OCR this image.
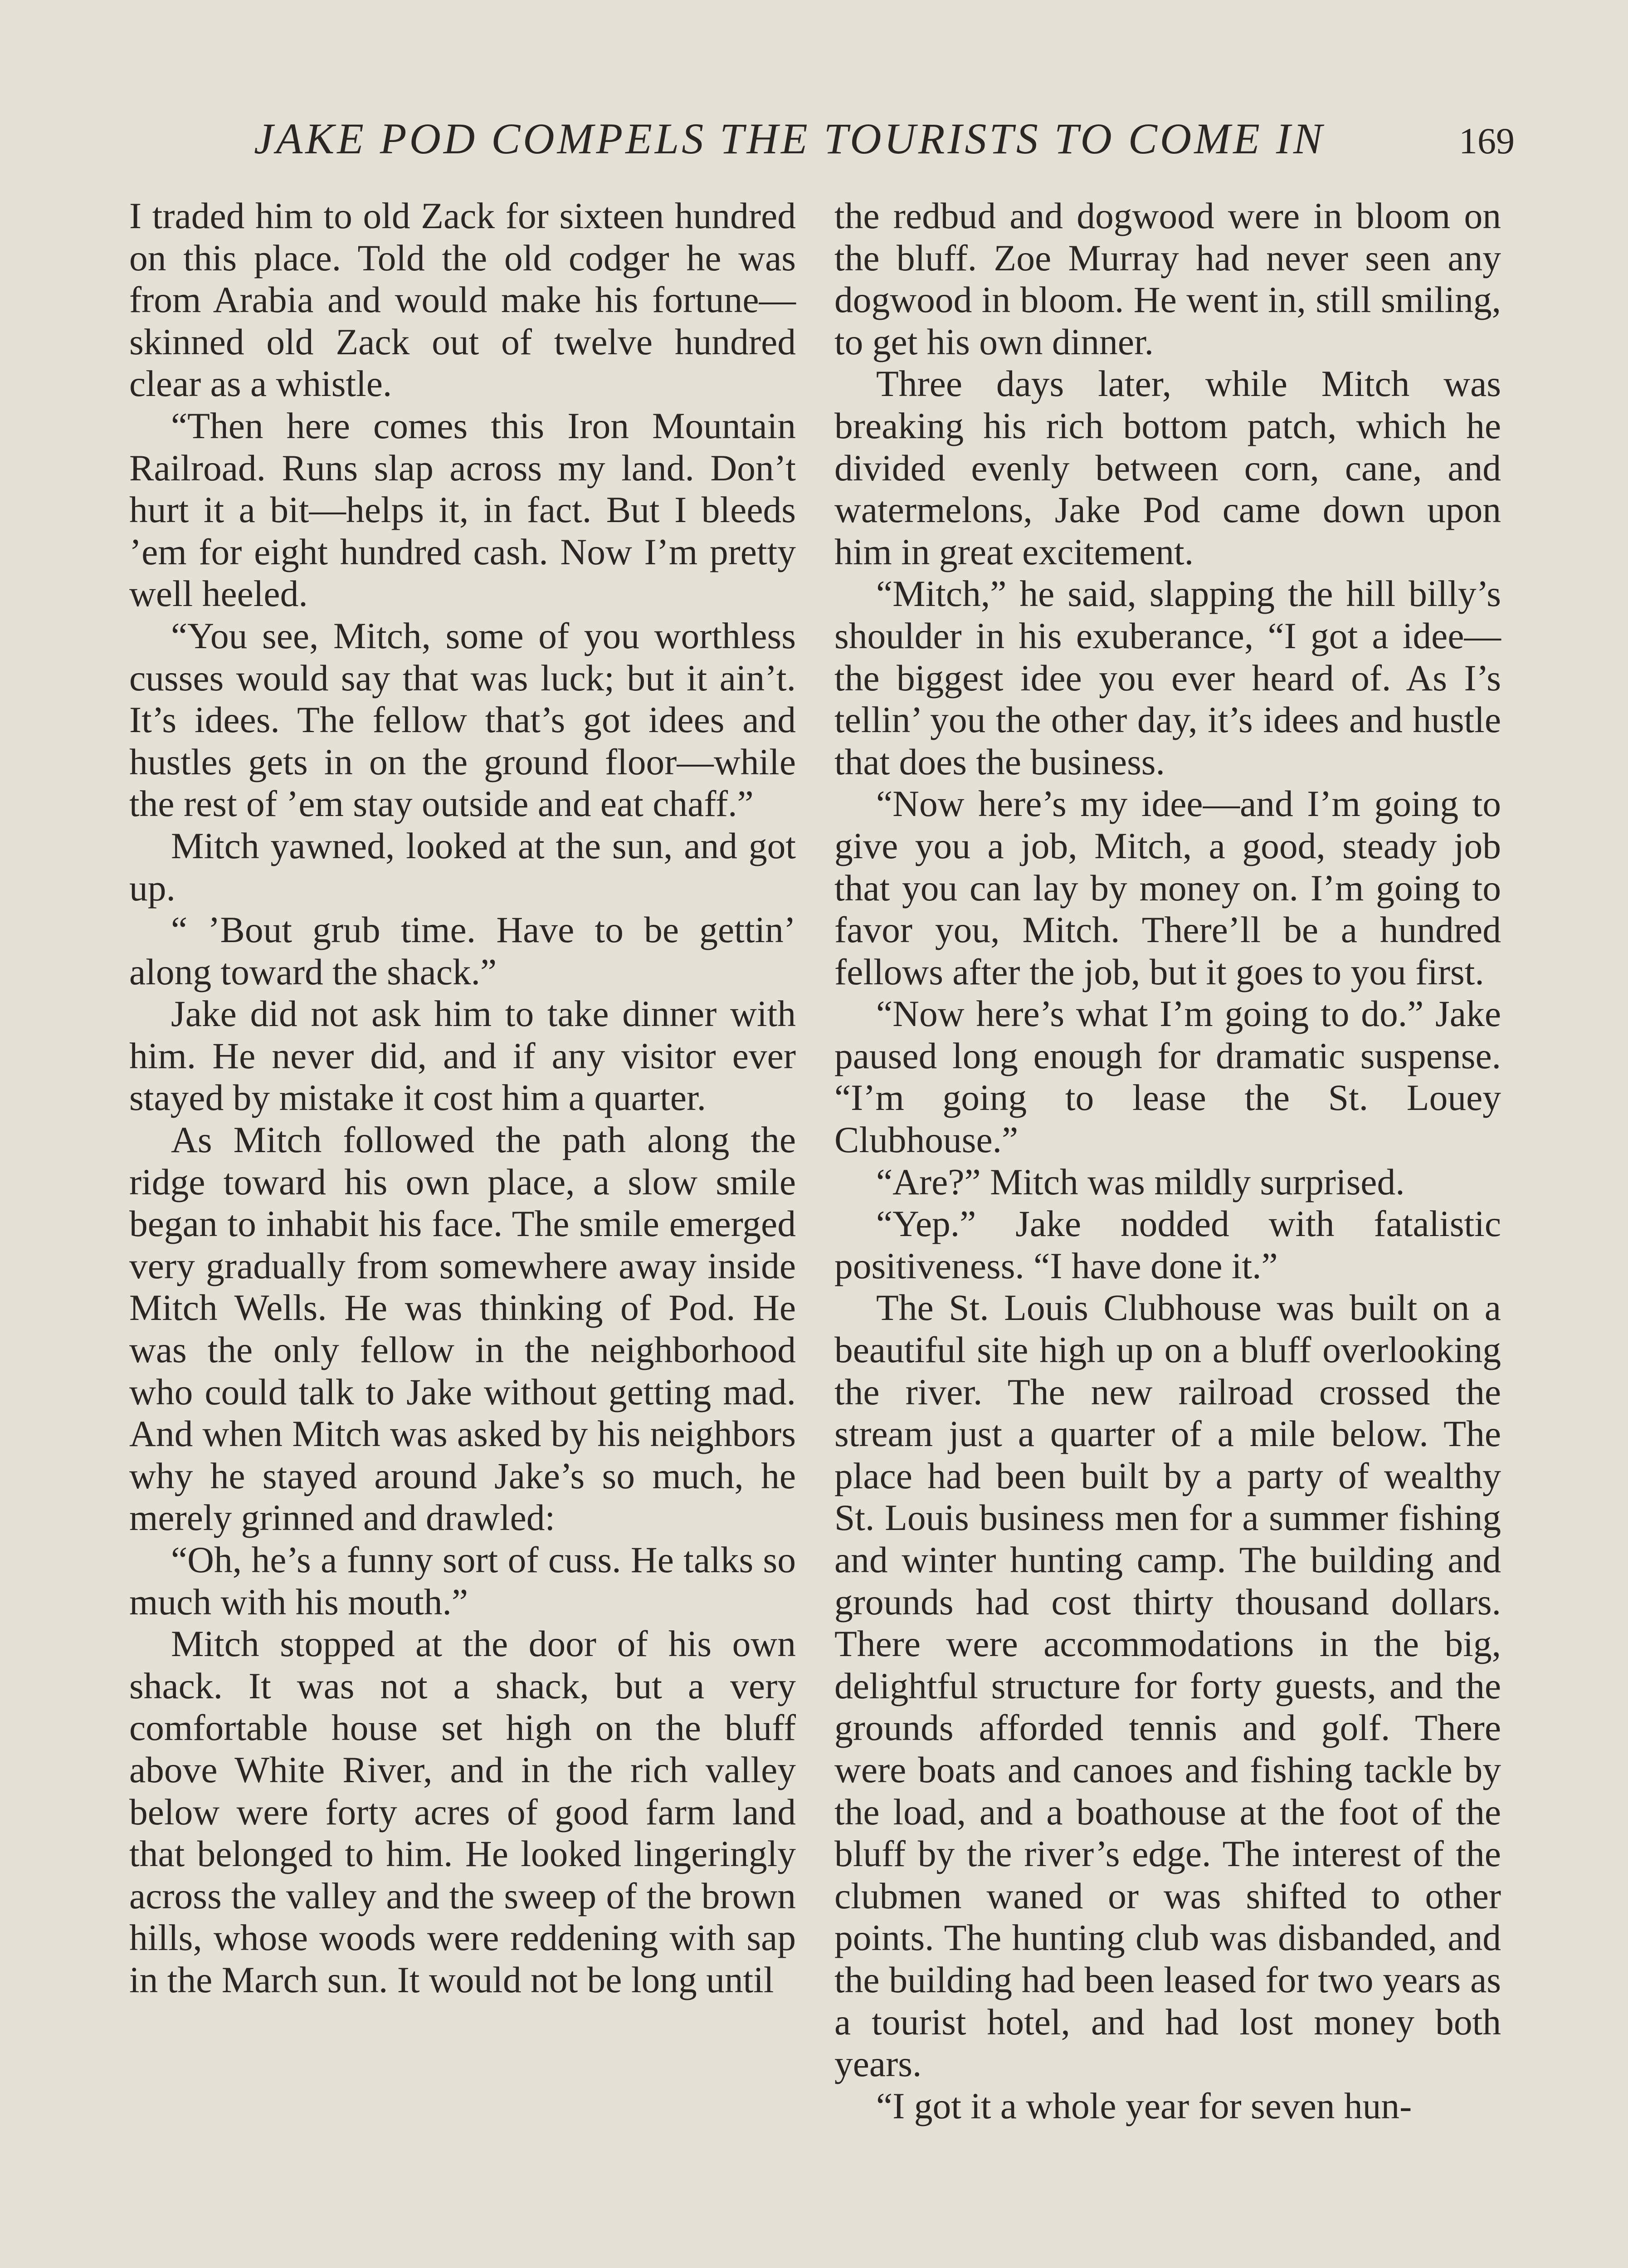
JAKE POD COMPELS THE TOURISTS TO COME IN	169

I traded him to old Zack for sixteen hundred on this place. Told the old codger he was from Arabia and would make his fortune—skinned old Zack out of twelve hundred clear as a whistle.

“Then here comes this Iron Mountain Railroad. Runs slap across my land. Don’t hurt it a bit—helps it, in fact. But I bleeds ’em for eight hundred cash. Now I’m pretty well heeled.

“You see, Mitch, some of you worthless cusses would say that was luck; but it ain’t. It’s idees. The fellow that’s got idees and hustles gets in on the ground floor—while the rest of ’em stay outside and eat chaff.”

Mitch yawned, looked at the sun, and got up.

“ ’Bout grub time. Have to be gettin’ along toward the shack.”

Jake did not ask him to take dinner with him. He never did, and if any visitor ever stayed by mistake it cost him a quarter.

As Mitch followed the path along the ridge toward his own place, a slow smile began to inhabit his face. The smile emerged very gradually from somewhere away inside Mitch Wells. He was thinking of Pod. He was the only fellow in the neighborhood who could talk to Jake without getting mad. And when Mitch was asked by his neighbors why he stayed around Jake’s so much, he merely grinned and drawled:

“Oh, he’s a funny sort of cuss. He talks so much with his mouth.”

Mitch stopped at the door of his own shack. It was not a shack, but a very comfortable house set high on the bluff above White River, and in the rich valley below were forty acres of good farm land that belonged to him. He looked lingeringly across the valley and the sweep of the brown hills, whose woods were reddening with sap in the March sun. It would not be long until

the redbud and dogwood were in bloom on the bluff. Zoe Murray had never seen any dogwood in bloom. He went in, still smiling, to get his own dinner.

Three days later, while Mitch was breaking his rich bottom patch, which he divided evenly between corn, cane, and watermelons, Jake Pod came down upon him in great excitement.

“Mitch,” he said, slapping the hill billy’s shoulder in his exuberance, “I got a idee—the biggest idee you ever heard of. As I’s tellin’ you the other day, it’s idees and hustle that does the business.

“Now here’s my idee—and I’m going to give you a job, Mitch, a good, steady job that you can lay by money on. I’m going to favor you, Mitch. There’ll be a hundred fellows after the job, but it goes to you first.

“Now here’s what I’m going to do.” Jake paused long enough for dramatic suspense. “I’m going to lease the St. Louey Clubhouse.”

“Are?” Mitch was mildly surprised.

“Yep.” Jake nodded with fatalistic positiveness. “I have done it.”

The St. Louis Clubhouse was built on a beautiful site high up on a bluff overlooking the river. The new railroad crossed the stream just a quarter of a mile below. The place had been built by a party of wealthy St. Louis business men for a summer fishing and winter hunting camp. The building and grounds had cost thirty thousand dollars. There were accommodations in the big, delightful structure for forty guests, and the grounds afforded tennis and golf. There were boats and canoes and fishing tackle by the load, and a boathouse at the foot of the bluff by the river’s edge. The interest of the clubmen waned or was shifted to other points. The hunting club was disbanded, and the building had been leased for two years as a tourist hotel, and had lost money both years.

“I got it a whole year for seven hun-
